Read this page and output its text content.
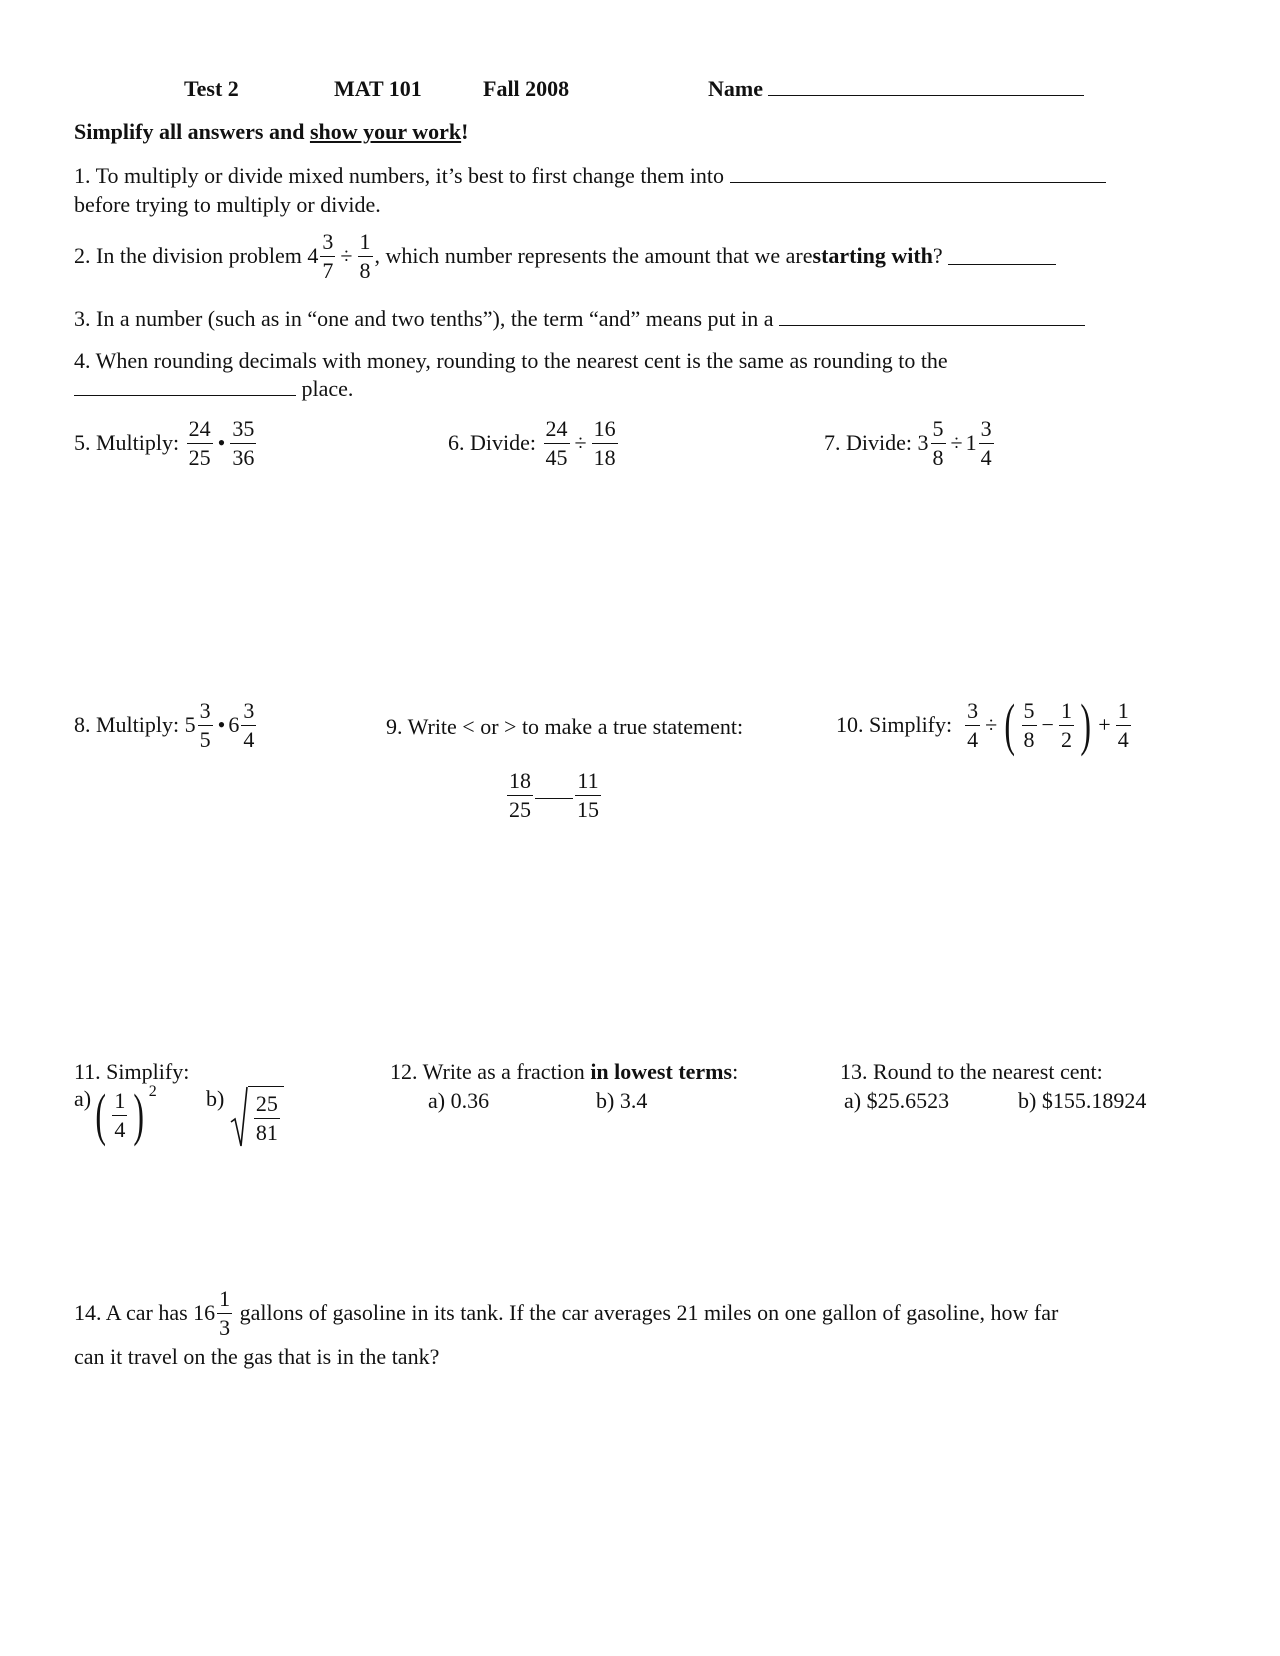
Test 2	MAT 101	Fall 2008	Name
Simplify all answers and show your work!
1. To multiply or divide mixed numbers, it’s best to first change them into
before trying to multiply or divide.
2. In the division problem
$4 \frac{3}{7} \div \frac{1}{8}$ , which number represents the amount that we are starting with ?

3. In a number (such as in “one and two tenths”), the term “and” means put in a
4. When rounding decimals with money, rounding to the nearest cent is the same as rounding to the
place.
5. Multiply:
$\frac{24}{25}$ • $\frac{35}{36}$	6. Divide:
$\frac{24}{45} \div \frac{16}{18}$	7. Divide:
$3 \frac{5}{8} \div 1 \frac{3}{4}$
8. Multiply:
$5 \frac{3}{5}$ • $6 \frac{3}{4}$	9. Write < or > to make a true statement:
$\frac{18}{25} \frac{11}{15}$
10. Simplify:
$\frac{3}{4}$ ÷ ( $\frac{5}{8} - \frac{1}{2}$ ) + $\frac{1}{4}$
11. Simplify:
a) ( $\frac{1}{4}$ ) 2 b)
$\frac{25}{81}$
12. Write as a fraction in lowest terms:
a) 0.36	b) 3.4
13. Round to the nearest cent:
a) $25.6523	b) $155.18924
14. A car has
$16 \frac{1}{3}$
gallons of gasoline in its tank. If the car averages 21 miles on one gallon of gasoline, how far
can it travel on the gas that is in the tank?
